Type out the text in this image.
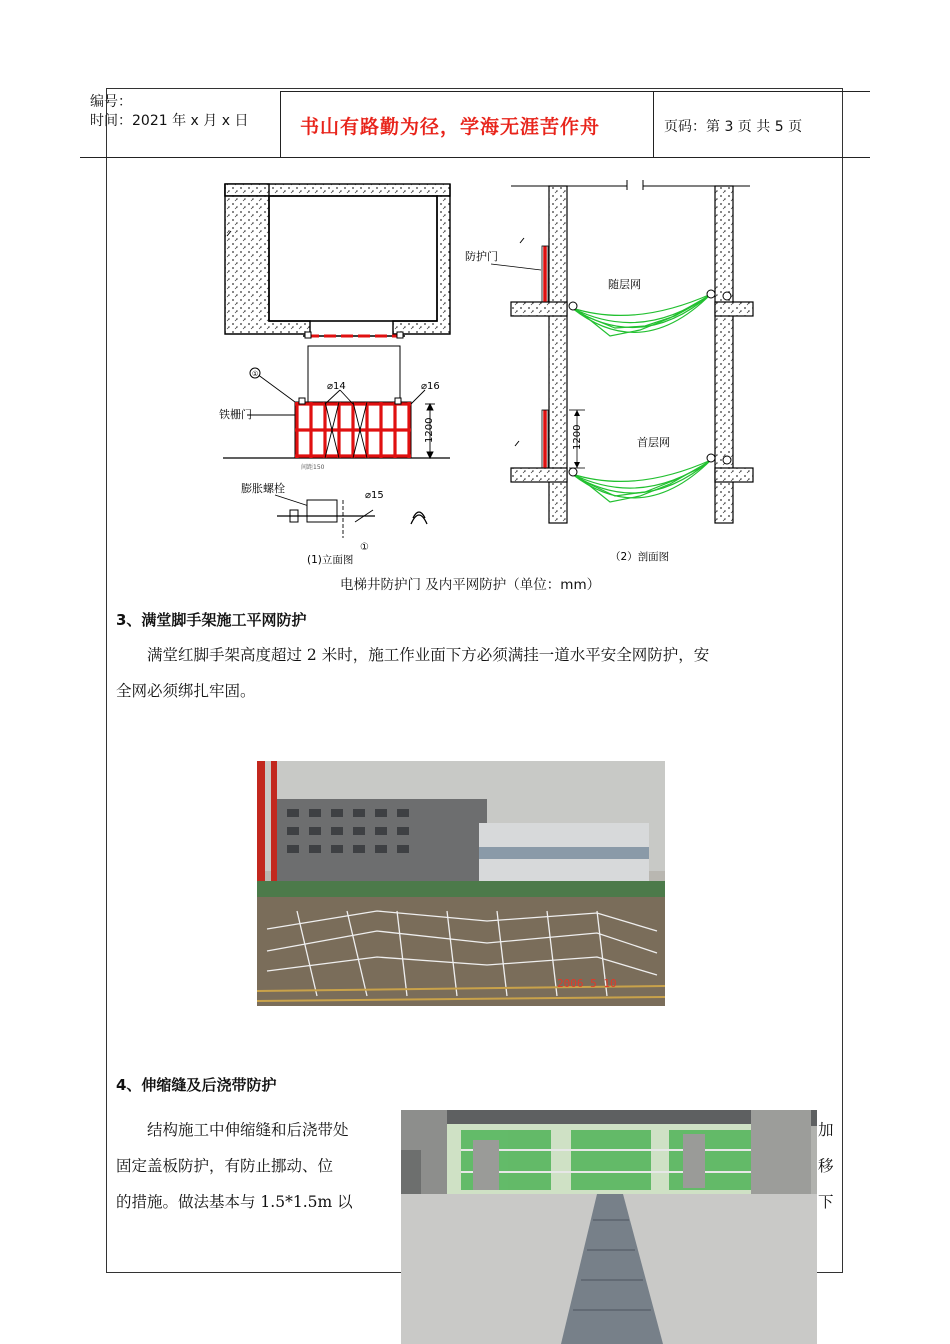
编号：
时间：2021 年 x 月 x 日	书山有路勤为径，学海无涯苦作舟	页码：第 3 页 共 5 页
①
⌀14	⌀16
铁栅门
1200
间距150
膨胀螺栓
⌀15
①
(1)立面图
1200
防护门
随层网
首层网
（2）剖面图
电梯井防护门 及内平网防护（单位：mm）
3、满堂脚手架施工平网防护
满堂红脚手架高度超过 2 米时，施工作业面下方必须满挂一道水平安全网防护，安
全网必须绑扎牢固。
2006 5 10
4、伸缩缝及后浇带防护
结构施工中伸缩缝和后浇带处
固定盖板防护，有防止挪动、位
的措施。做法基本与 1.5*1.5m 以
加
移
下
